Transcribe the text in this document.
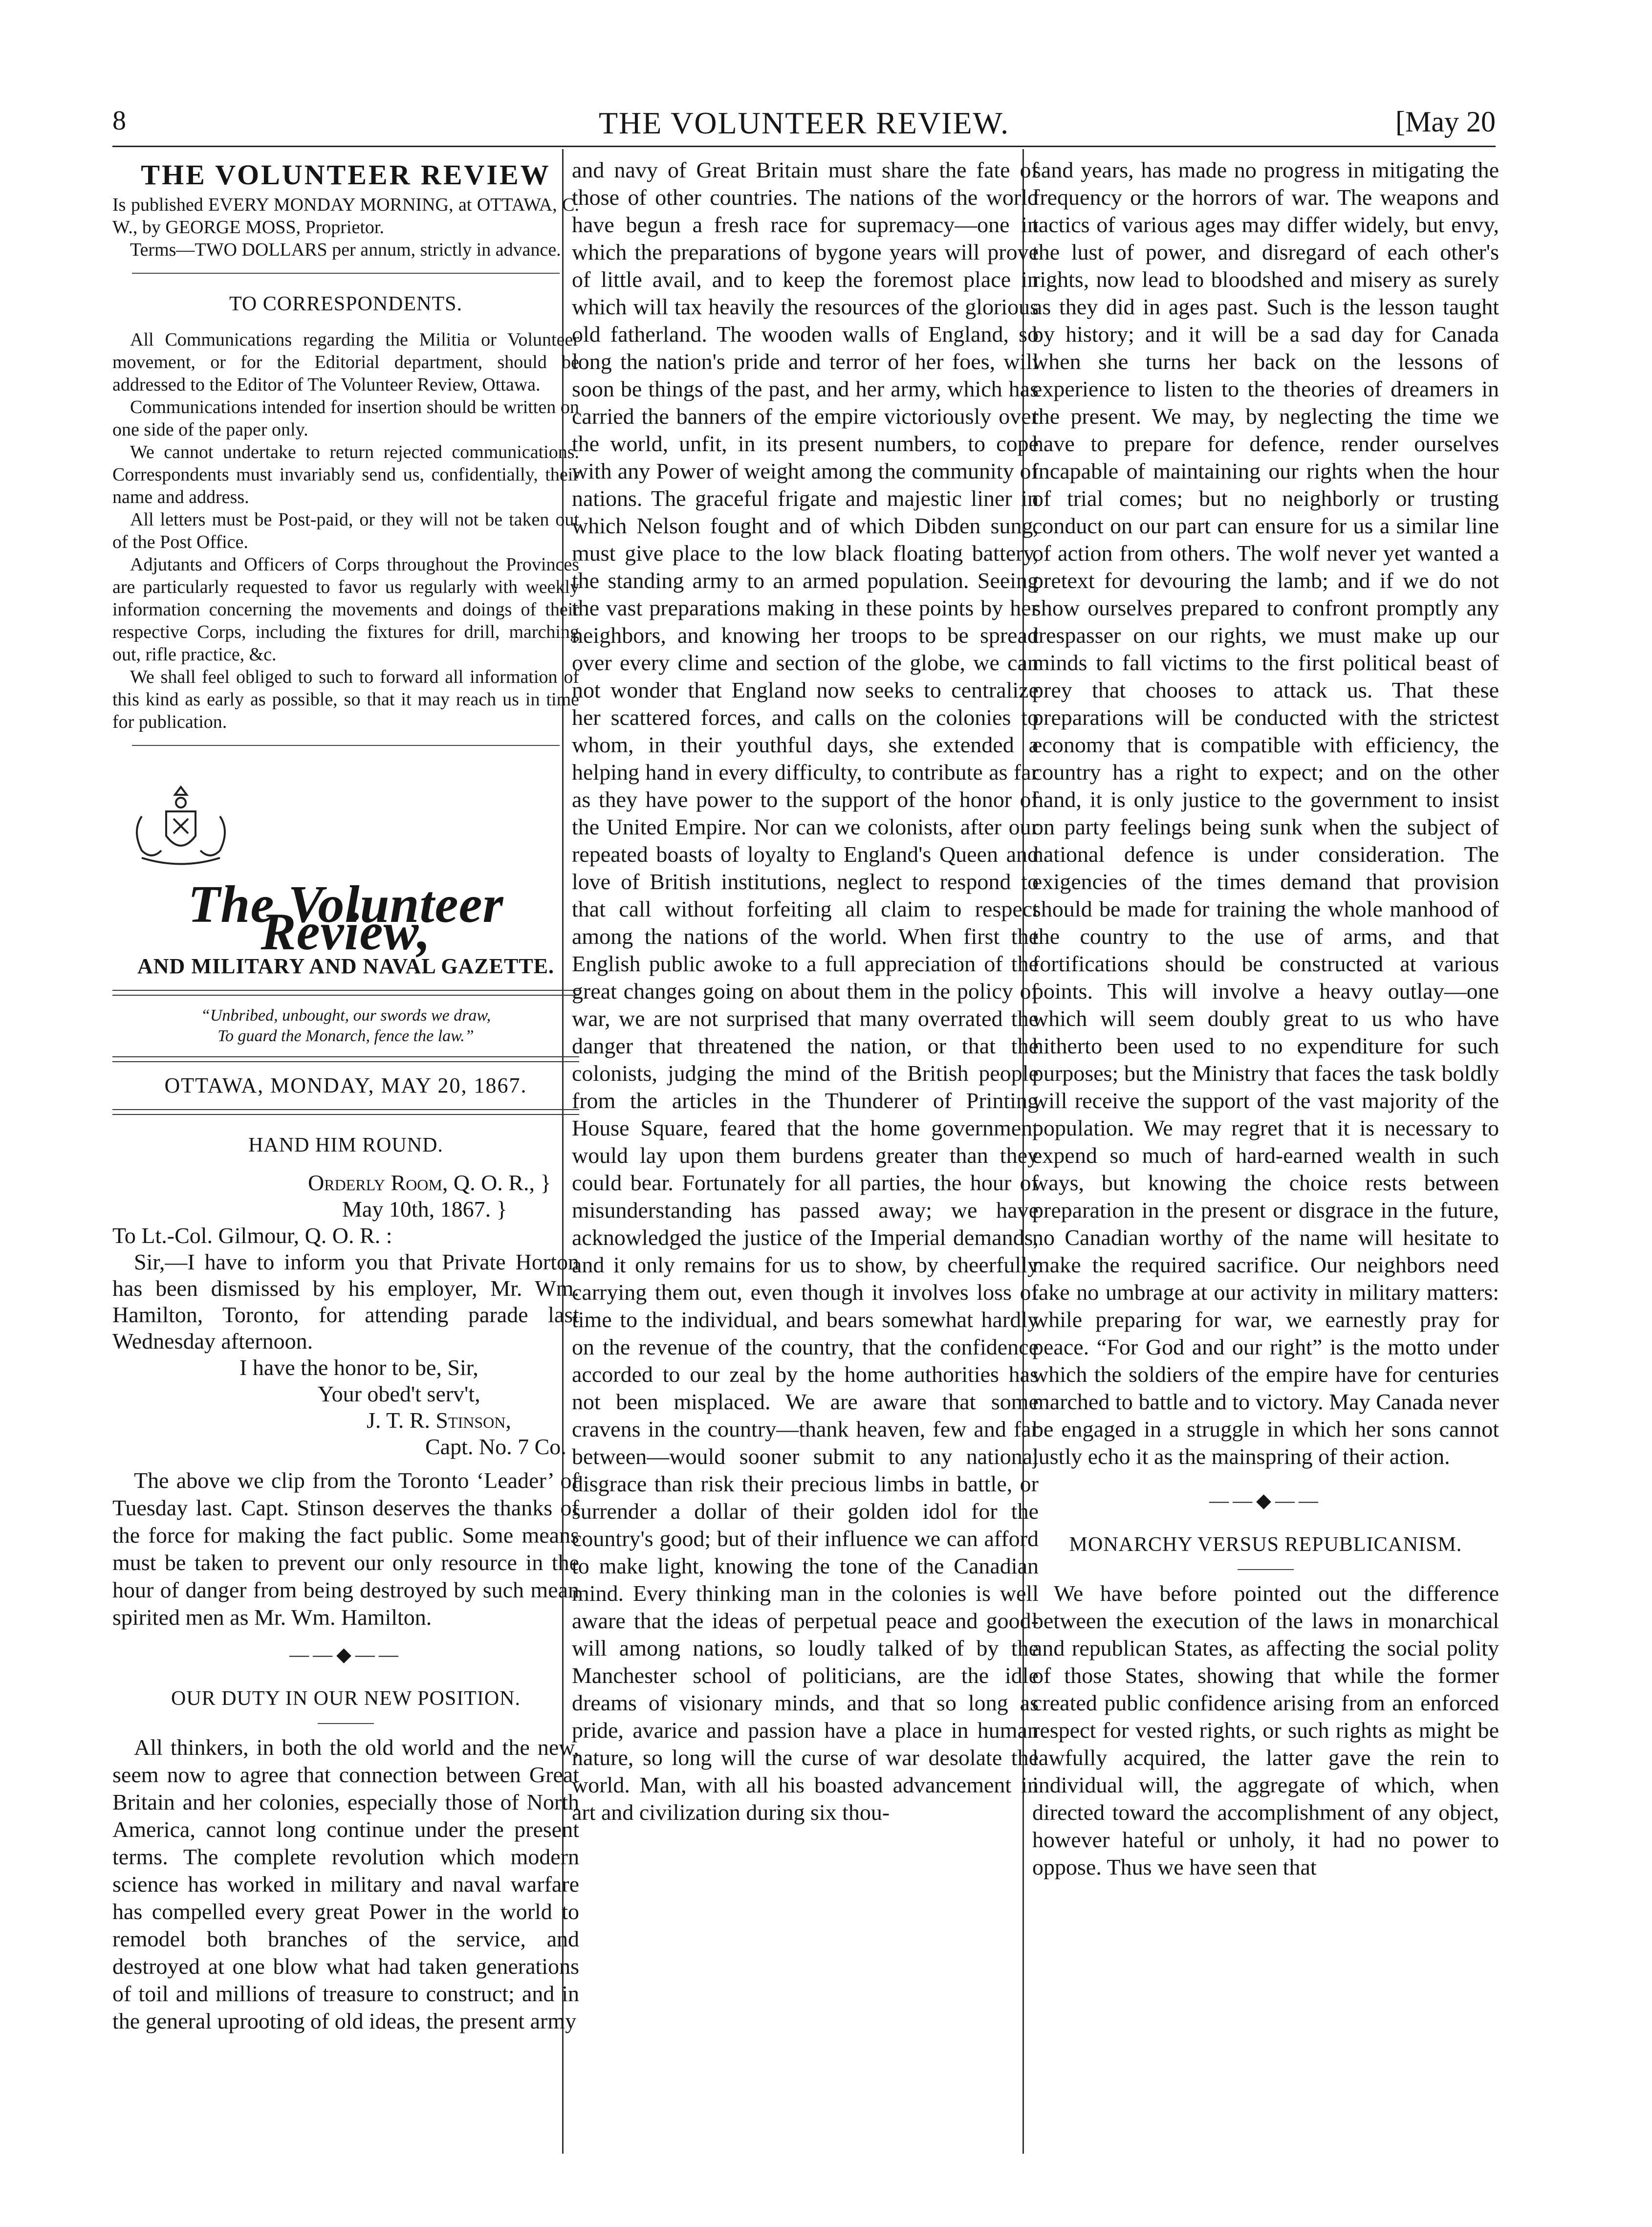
8	THE VOLUNTEER REVIEW.	[May 20
THE VOLUNTEER REVIEW

Is published EVERY MONDAY MORNING, at OTTAWA, C. W., by GEORGE MOSS, Proprietor.

Terms—TWO DOLLARS per annum, strictly in advance.

TO CORRESPONDENTS.

All Communications regarding the Militia or Volunteer movement, or for the Editorial department, should be addressed to the Editor of The Volunteer Review, Ottawa.

Communications intended for insertion should be written on one side of the paper only.

We cannot undertake to return rejected communications. Correspondents must invariably send us, confidentially, their name and address.

All letters must be Post-paid, or they will not be taken out of the Post Office.

Adjutants and Officers of Corps throughout the Provinces are particularly requested to favor us regularly with weekly information concerning the movements and doings of their respective Corps, including the fixtures for drill, marching out, rifle practice, &c.

We shall feel obliged to such to forward all information of this kind as early as possible, so that it may reach us in time for publication.

The Volunteer Review,
AND MILITARY AND NAVAL GAZETTE.
“Unbribed, unbought, our swords we draw,
To guard the Monarch, fence the law.”
OTTAWA, MONDAY, MAY 20, 1867.
HAND HIM ROUND.
Orderly Room, Q. O. R., }
May 10th, 1867. }
To Lt.-Col. Gilmour, Q. O. R. :
Sir,—I have to inform you that Private Horton has been dismissed by his employer, Mr. Wm. Hamilton, Toronto, for attending parade last Wednesday afternoon.
I have the honor to be, Sir,
Your obed't serv't,
J. T. R. Stinson,
Capt. No. 7 Co.

The above we clip from the Toronto ‘Leader’ of Tuesday last. Capt. Stinson deserves the thanks of the force for making the fact public. Some means must be taken to prevent our only resource in the hour of danger from being destroyed by such mean spirited men as Mr. Wm. Hamilton.

——◆——
OUR DUTY IN OUR NEW POSITION.

All thinkers, in both the old world and the new, seem now to agree that connection between Great Britain and her colonies, especially those of North America, cannot long continue under the present terms. The complete revolution which modern science has worked in military and naval warfare has compelled every great Power in the world to remodel both branches of the service, and destroyed at one blow what had taken generations of toil and millions of treasure to construct; and in the general uprooting of old ideas, the present army

and navy of Great Britain must share the fate of those of other countries. The nations of the world have begun a fresh race for supremacy—one in which the preparations of bygone years will prove of little avail, and to keep the foremost place in which will tax heavily the resources of the glorious old fatherland. The wooden walls of England, so long the nation's pride and terror of her foes, will soon be things of the past, and her army, which has carried the banners of the empire victoriously over the world, unfit, in its present numbers, to cope with any Power of weight among the community of nations. The graceful frigate and majestic liner in which Nelson fought and of which Dibden sung, must give place to the low black floating battery, the standing army to an armed population. Seeing the vast preparations making in these points by her neighbors, and knowing her troops to be spread over every clime and section of the globe, we can not wonder that England now seeks to centralize her scattered forces, and calls on the colonies to whom, in their youthful days, she extended a helping hand in every difficulty, to contribute as far as they have power to the support of the honor of the United Empire. Nor can we colonists, after our repeated boasts of loyalty to England's Queen and love of British institutions, neglect to respond to that call without forfeiting all claim to respect among the nations of the world. When first the English public awoke to a full appreciation of the great changes going on about them in the policy of war, we are not surprised that many overrated the danger that threatened the nation, or that the colonists, judging the mind of the British people from the articles in the Thunderer of Printing House Square, feared that the home government would lay upon them burdens greater than they could bear. Fortunately for all parties, the hour of misunderstanding has passed away; we have acknowledged the justice of the Imperial demands, and it only remains for us to show, by cheerfully carrying them out, even though it involves loss of time to the individual, and bears somewhat hardly on the revenue of the country, that the confidence accorded to our zeal by the home authorities has not been misplaced. We are aware that some cravens in the country—thank heaven, few and far between—would sooner submit to any national disgrace than risk their precious limbs in battle, or surrender a dollar of their golden idol for the country's good; but of their influence we can afford to make light, knowing the tone of the Canadian mind. Every thinking man in the colonies is well aware that the ideas of perpetual peace and good-will among nations, so loudly talked of by the Manchester school of politicians, are the idle dreams of visionary minds, and that so long as pride, avarice and passion have a place in human nature, so long will the curse of war desolate the world. Man, with all his boasted advancement in art and civilization during six thou-

sand years, has made no progress in mitigating the frequency or the horrors of war. The weapons and tactics of various ages may differ widely, but envy, the lust of power, and disregard of each other's rights, now lead to bloodshed and misery as surely as they did in ages past. Such is the lesson taught by history; and it will be a sad day for Canada when she turns her back on the lessons of experience to listen to the theories of dreamers in the present. We may, by neglecting the time we have to prepare for defence, render ourselves incapable of maintaining our rights when the hour of trial comes; but no neighborly or trusting conduct on our part can ensure for us a similar line of action from others. The wolf never yet wanted a pretext for devouring the lamb; and if we do not show ourselves prepared to confront promptly any trespasser on our rights, we must make up our minds to fall victims to the first political beast of prey that chooses to attack us. That these preparations will be conducted with the strictest economy that is compatible with efficiency, the country has a right to expect; and on the other hand, it is only justice to the government to insist on party feelings being sunk when the subject of national defence is under consideration. The exigencies of the times demand that provision should be made for training the whole manhood of the country to the use of arms, and that fortifications should be constructed at various points. This will involve a heavy outlay—one which will seem doubly great to us who have hitherto been used to no expenditure for such purposes; but the Ministry that faces the task boldly will receive the support of the vast majority of the population. We may regret that it is necessary to expend so much of hard-earned wealth in such ways, but knowing the choice rests between preparation in the present or disgrace in the future, no Canadian worthy of the name will hesitate to make the required sacrifice. Our neighbors need take no umbrage at our activity in military matters: while preparing for war, we earnestly pray for peace. “For God and our right” is the motto under which the soldiers of the empire have for centuries marched to battle and to victory. May Canada never be engaged in a struggle in which her sons cannot justly echo it as the mainspring of their action.

——◆——
MONARCHY VERSUS REPUBLICANISM.

We have before pointed out the difference between the execution of the laws in monarchical and republican States, as affecting the social polity of those States, showing that while the former created public confidence arising from an enforced respect for vested rights, or such rights as might be lawfully acquired, the latter gave the rein to individual will, the aggregate of which, when directed toward the accomplishment of any object, however hateful or unholy, it had no power to oppose. Thus we have seen that
